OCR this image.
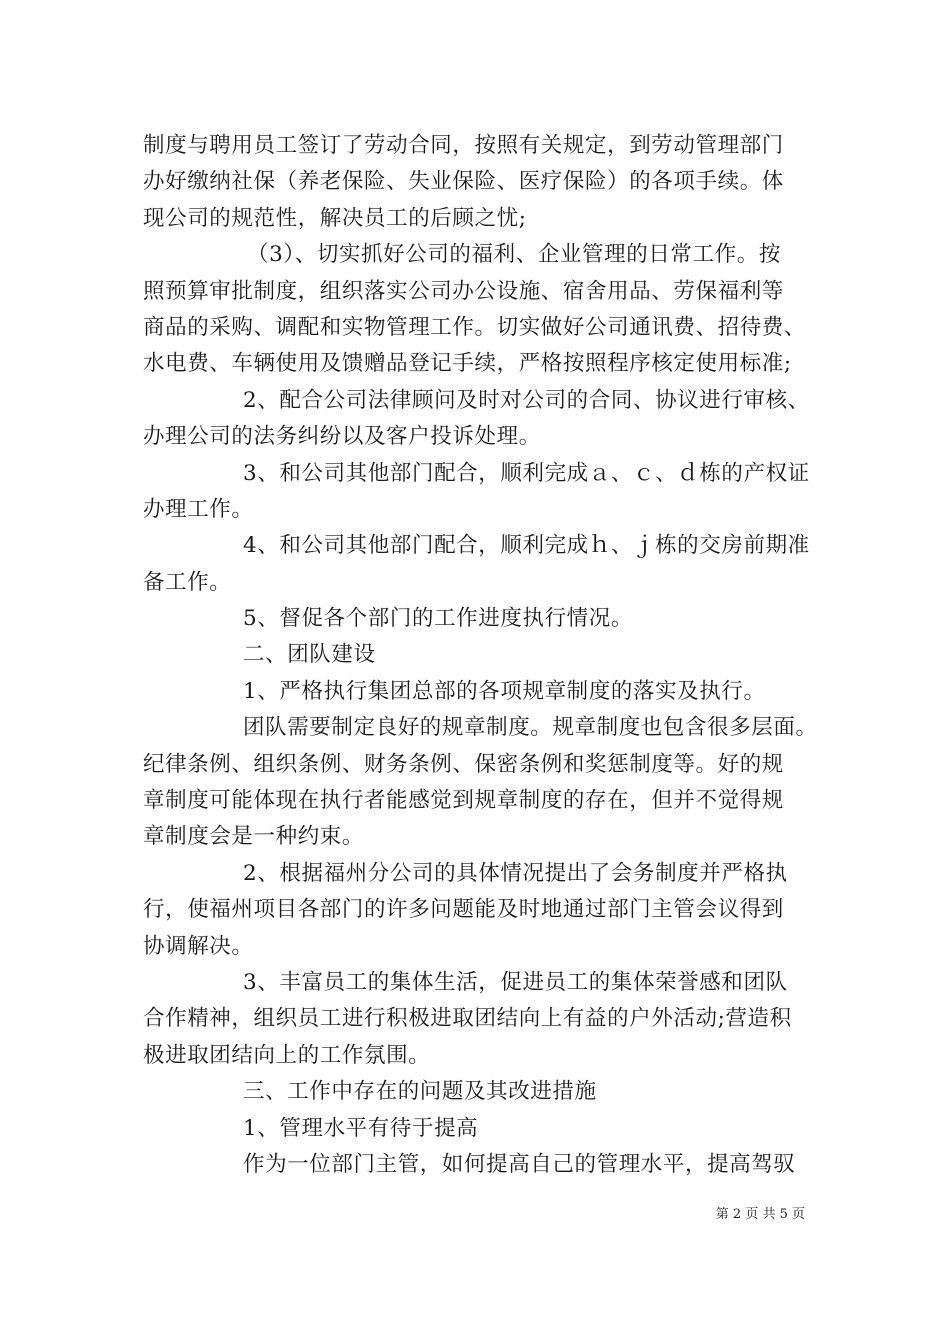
制度与聘用员工签订了劳动合同，按照有关规定，到劳动管理部门
办好缴纳社保（养老保险、失业保险、医疗保险）的各项手续。体
现公司的规范性，解决员工的后顾之忧;
（3）、切实抓好公司的福利、企业管理的日常工作。按
照预算审批制度，组织落实公司办公设施、宿舍用品、劳保福利等
商品的采购、调配和实物管理工作。切实做好公司通讯费、招待费、
水电费、车辆使用及馈赠品登记手续，严格按照程序核定使用标准;
2、配合公司法律顾问及时对公司的合同、协议进行审核、
办理公司的法务纠纷以及客户投诉处理。
3、和公司其他部门配合，顺利完成ａ、ｃ、ｄ栋的产权证
办理工作。
4、和公司其他部门配合，顺利完成ｈ、ｊ栋的交房前期准
备工作。
5、督促各个部门的工作进度执行情况。
二、团队建设
1、严格执行集团总部的各项规章制度的落实及执行。
团队需要制定良好的规章制度。规章制度也包含很多层面。
纪律条例、组织条例、财务条例、保密条例和奖惩制度等。好的规
章制度可能体现在执行者能感觉到规章制度的存在，但并不觉得规
章制度会是一种约束。
2、根据福州分公司的具体情况提出了会务制度并严格执
行，使福州项目各部门的许多问题能及时地通过部门主管会议得到
协调解决。
3、丰富员工的集体生活，促进员工的集体荣誉感和团队
合作精神，组织员工进行积极进取团结向上有益的户外活动;营造积
极进取团结向上的工作氛围。
三、工作中存在的问题及其改进措施
1、管理水平有待于提高
作为一位部门主管，如何提高自己的管理水平，提高驾驭
第 2 页 共 5 页
